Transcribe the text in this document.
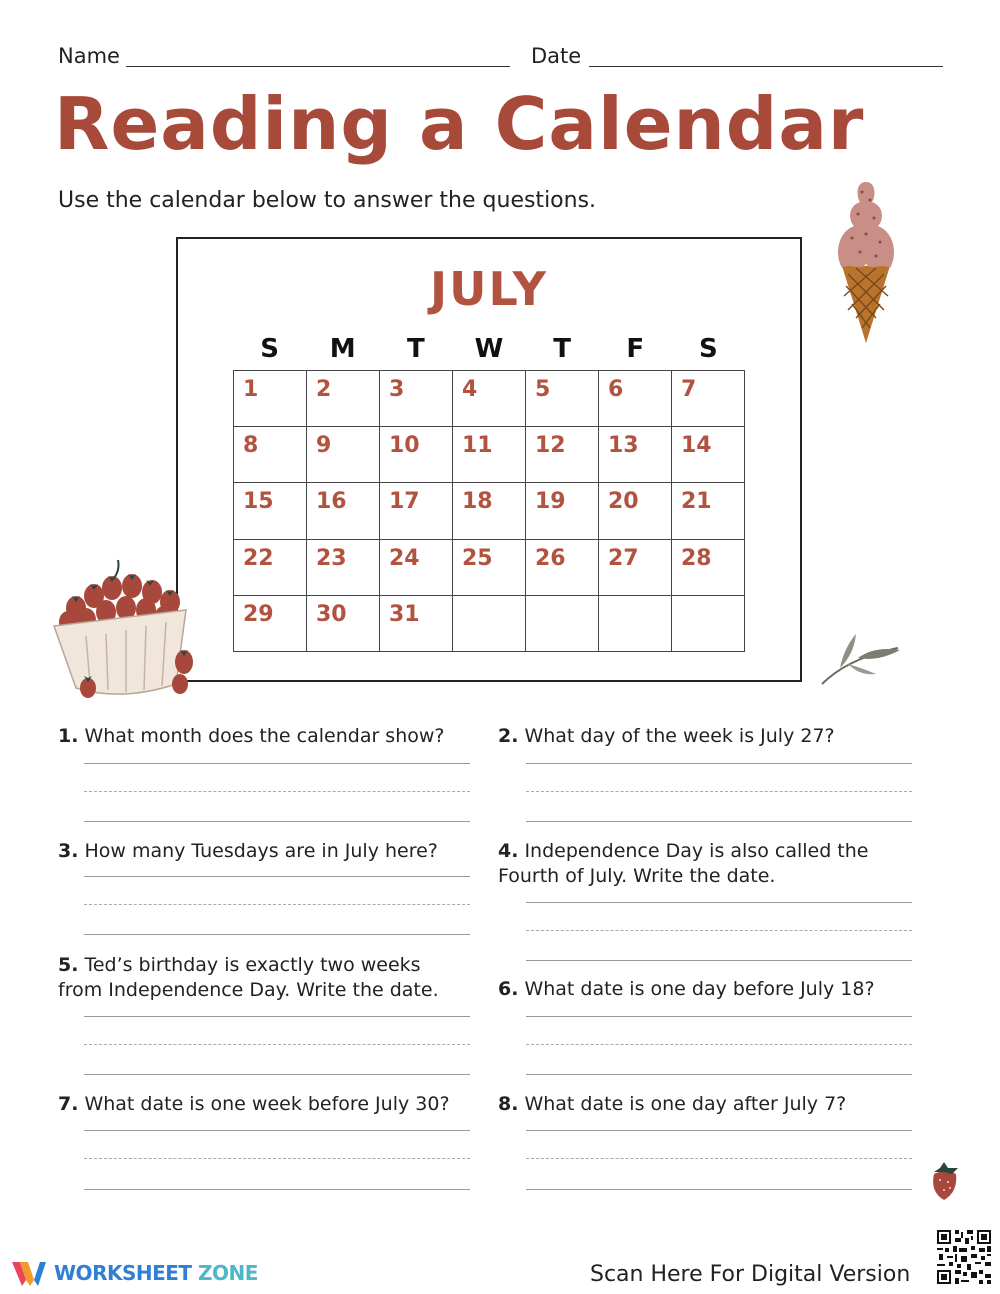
Name	Date
Reading a Calendar
Use the calendar below to answer the questions.
JULY
S	M	T	W	T	F	S
1	2	3	4	5	6	7
8	9	10	11	12	13	14
15	16	17	18	19	20	21
22	23	24	25	26	27	28
29	30	31
1. What month does the calendar show?	2. What day of the week is July 27?
3. How many Tuesdays are in July here?	4. Independence Day is also called the Fourth of July. Write the date.
5. Ted’s birthday is exactly two weeks from Independence Day. Write the date.	6. What date is one day before July 18?
7. What date is one week before July 30?	8. What date is one day after July 7?
WORKSHEET ZONE	Scan Here For Digital Version
